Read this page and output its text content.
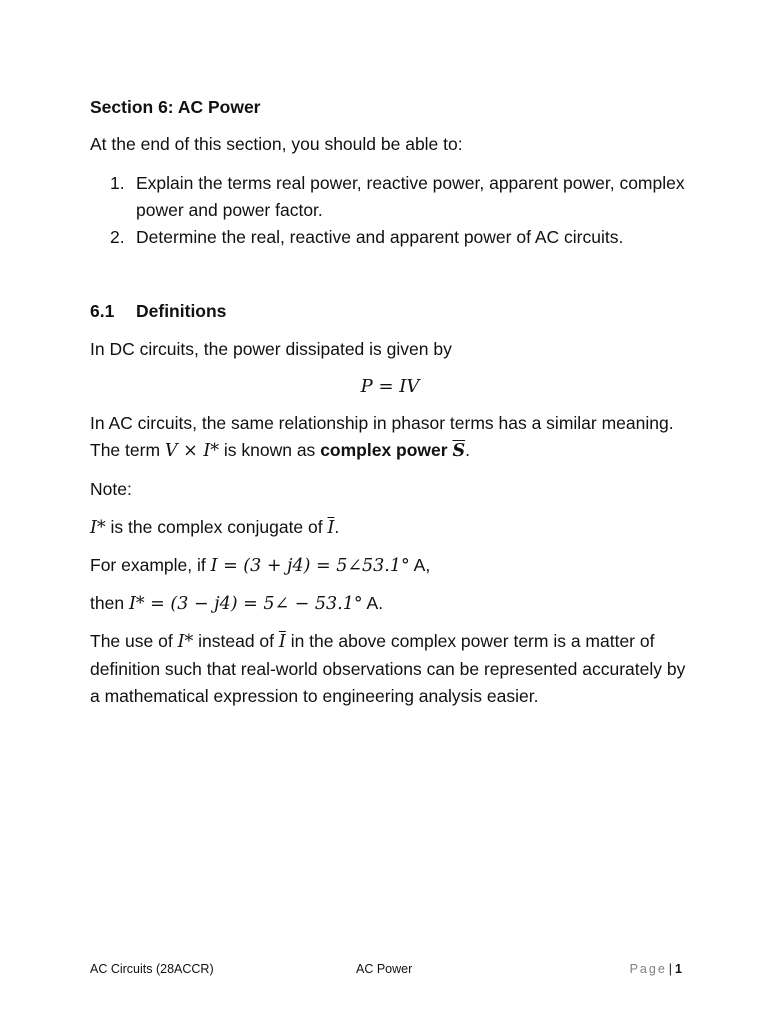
Section 6: AC Power
At the end of this section, you should be able to:
1. Explain the terms real power, reactive power, apparent power, complex power and power factor.
2. Determine the real, reactive and apparent power of AC circuits.
6.1 Definitions
In DC circuits, the power dissipated is given by
P = IV
In AC circuits, the same relationship in phasor terms has a similar meaning. The term V × I* is known as complex power $\overline{S}$.
Note:
I* is the complex conjugate of $\overline{I}$.
For example, if I = (3 + j4) = 5∠53.1° A,
then I* = (3 − j4) = 5∠ − 53.1° A.
The use of I* instead of $\overline{I}$ in the above complex power term is a matter of definition such that real-world observations can be represented accurately by a mathematical expression to engineering analysis easier.
AC Circuits (28ACCR)	AC Power	Page | 1
